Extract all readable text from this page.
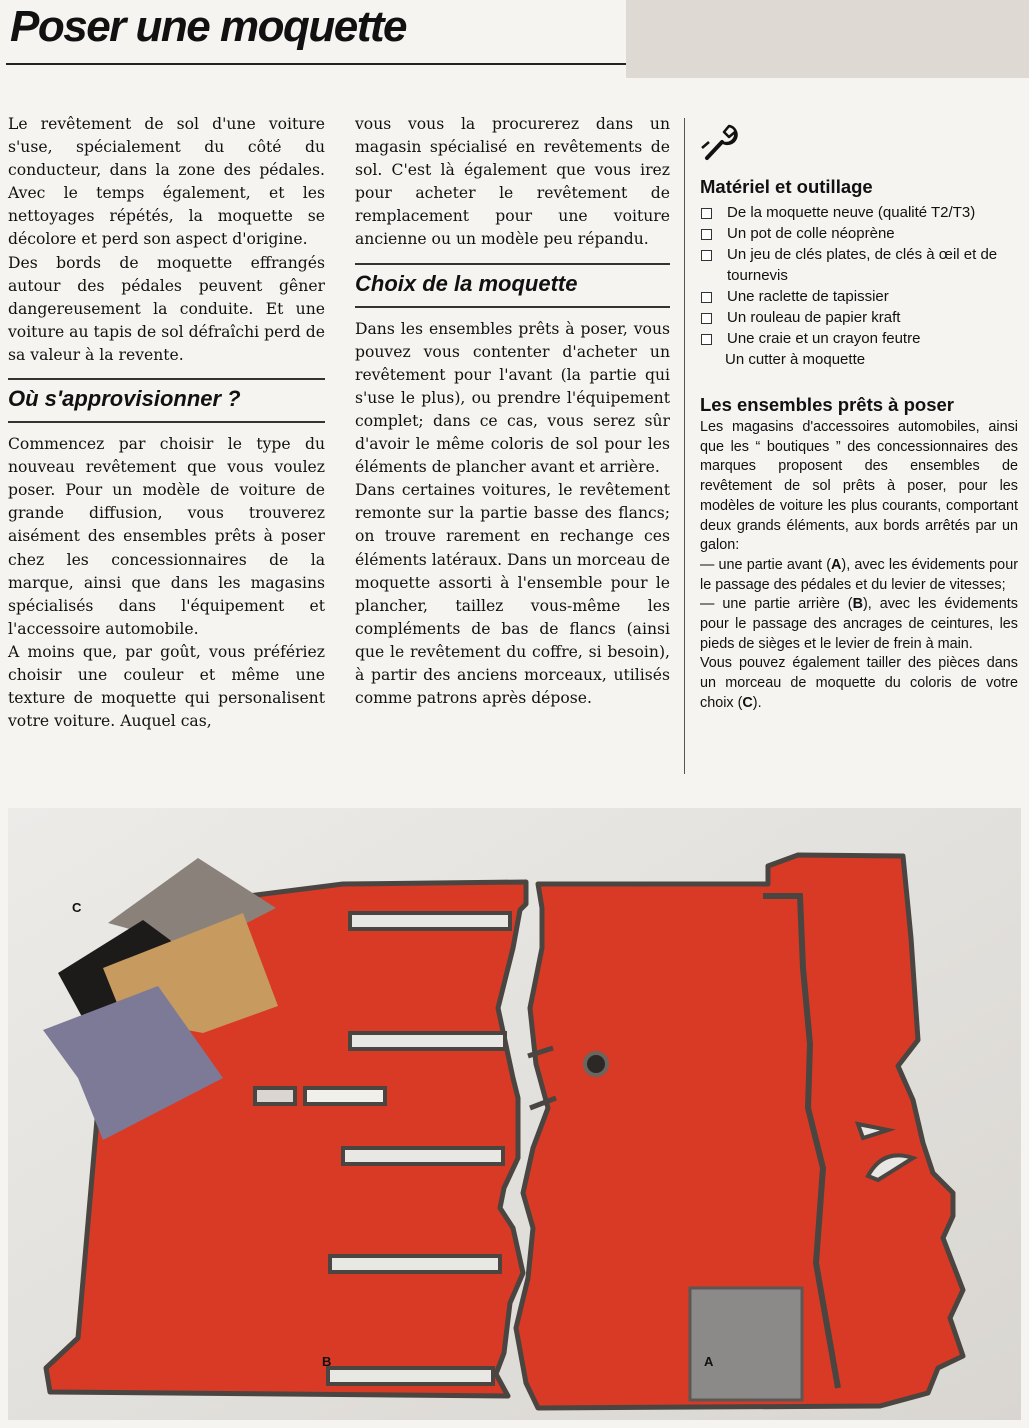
Poser une moquette

Le revêtement de sol d'une voiture s'use, spécialement du côté du conducteur, dans la zone des pédales. Avec le temps également, et les nettoyages répétés, la moquette se décolore et perd son aspect d'origine.

Des bords de moquette effrangés autour des pédales peuvent gêner dangereusement la conduite. Et une voiture au tapis de sol défraîchi perd de sa valeur à la revente.

Où s'approvisionner ?

Commencez par choisir le type du nouveau revêtement que vous voulez poser. Pour un modèle de voiture de grande diffusion, vous trouverez aisément des ensembles prêts à poser chez les concessionnaires de la marque, ainsi que dans les magasins spécialisés dans l'équipement et l'accessoire automobile.

A moins que, par goût, vous préfériez choisir une couleur et même une texture de moquette qui personalisent votre voiture. Auquel cas,

vous vous la procurerez dans un magasin spécialisé en revêtements de sol. C'est là également que vous irez pour acheter le revêtement de remplacement pour une voiture ancienne ou un modèle peu répandu.

Choix de la moquette

Dans les ensembles prêts à poser, vous pouvez vous contenter d'acheter un revêtement pour l'avant (la partie qui s'use le plus), ou prendre l'équipement complet; dans ce cas, vous serez sûr d'avoir le même coloris de sol pour les éléments de plancher avant et arrière.

Dans certaines voitures, le revêtement remonte sur la partie basse des flancs; on trouve rarement en rechange ces éléments latéraux. Dans un morceau de moquette assorti à l'ensemble pour le plancher, taillez vous-même les compléments de bas de flancs (ainsi que le revêtement du coffre, si besoin), à partir des anciens morceaux, utilisés comme patrons après dépose.

Matériel et outillage
De la moquette neuve (qualité T2/T3)
Un pot de colle néoprène
Un jeu de clés plates, de clés à œil et de tournevis
Une raclette de tapissier
Un rouleau de papier kraft
Une craie et un crayon feutre
Un cutter à moquette
Les ensembles prêts à poser

Les magasins d'accessoires automobiles, ainsi que les “ boutiques ” des concessionnaires des marques proposent des ensembles de revêtement de sol prêts à poser, pour les modèles de voiture les plus courants, comportant deux grands éléments, aux bords arrêtés par un galon:

— une partie avant (A), avec les évidements pour le passage des pédales et du levier de vitesses;

— une partie arrière (B), avec les évidements pour le passage des ancrages de ceintures, les pieds de sièges et le levier de frein à main.

Vous pouvez également tailler des pièces dans un morceau de moquette du coloris de votre choix (C).

C
B	A
